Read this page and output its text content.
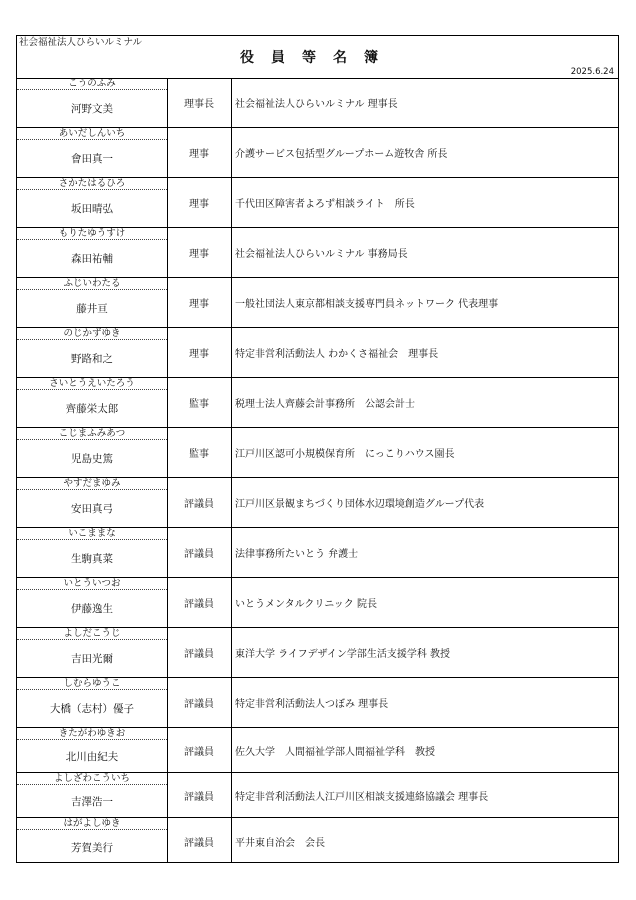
社会福祉法人ひらいルミナル
役員等名簿
2025.6.24
こうのふみ
河野文美	理事長	社会福祉法人ひらいルミナル 理事長
あいだしんいち
會田真一	理事	介護サービス包括型グループホーム遊牧舎 所長
さかたはるひろ
坂田晴弘	理事	千代田区障害者よろず相談ライト　所長
もりたゆうすけ
森田祐輔	理事	社会福祉法人ひらいルミナル 事務局長
ふじいわたる
藤井亘	理事	一般社団法人東京都相談支援専門員ネットワーク 代表理事
のじかずゆき
野路和之	理事	特定非営利活動法人 わかくさ福祉会　理事長
さいとうえいたろう
齊藤栄太郎	監事	税理士法人齊藤会計事務所　公認会計士
こじまふみあつ
児島史篤	監事	江戸川区認可小規模保育所　にっこりハウス園長
やすだまゆみ
安田真弓	評議員	江戸川区景観まちづくり団体水辺環境創造グループ代表
いこままな
生駒真菜	評議員	法律事務所たいとう 弁護士
いとういつお
伊藤逸生	評議員	いとうメンタルクリニック 院長
よしだこうじ
吉田光爾	評議員	東洋大学 ライフデザイン学部生活支援学科 教授
しむらゆうこ
大橋（志村）優子	評議員	特定非営利活動法人つぼみ 理事長
きたがわゆきお
北川由紀夫	評議員	佐久大学　人間福祉学部人間福祉学科　教授
よしざわこういち
吉澤浩一	評議員	特定非営利活動法人江戸川区相談支援連絡協議会 理事長
はがよしゆき
芳賀美行	評議員	平井東自治会　会長
